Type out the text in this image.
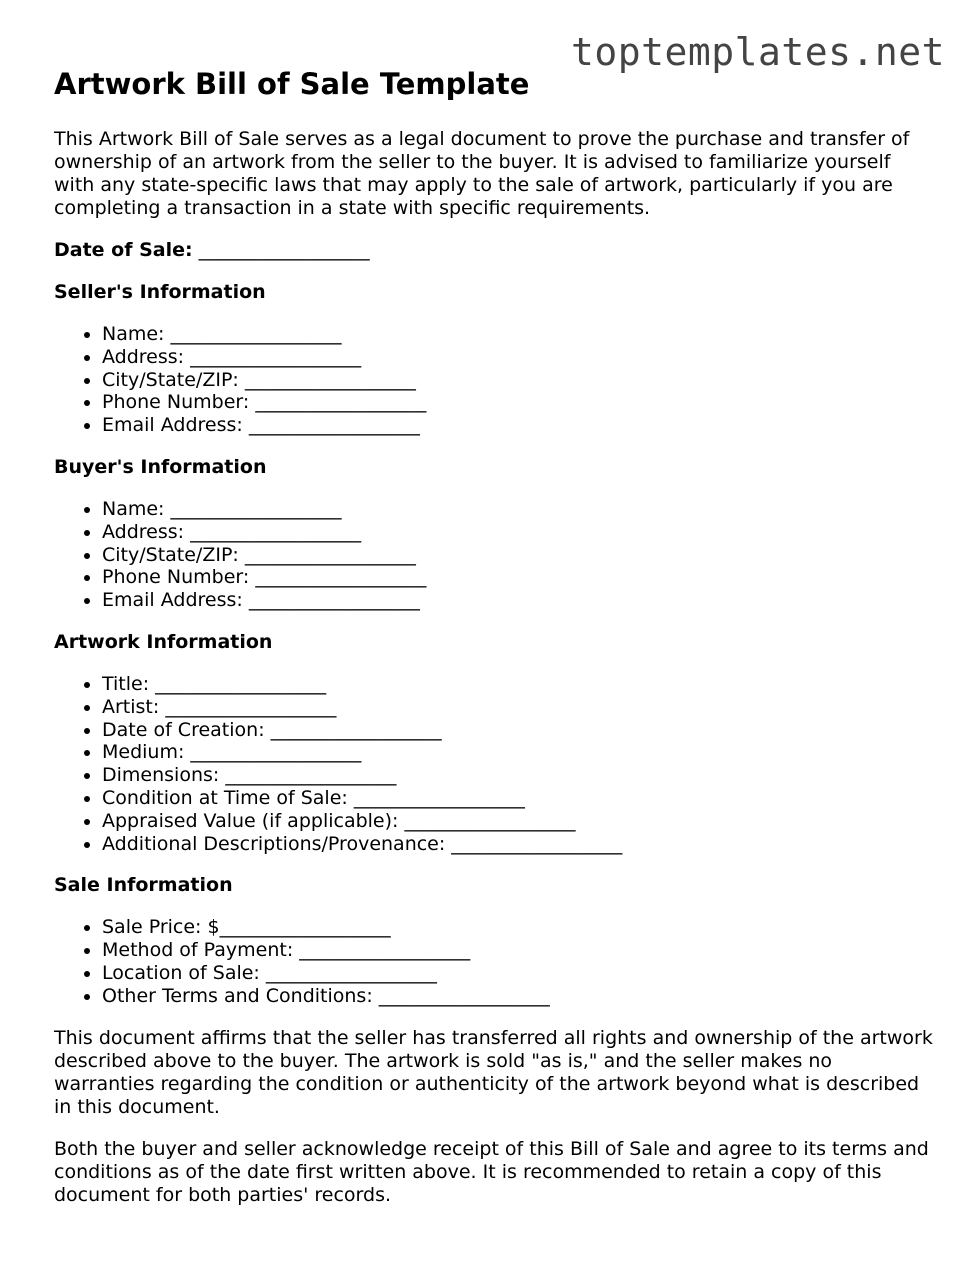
toptemplates.net
Artwork Bill of Sale Template

This Artwork Bill of Sale serves as a legal document to prove the purchase and transfer of ownership of an artwork from the seller to the buyer. It is advised to familiarize yourself with any state-specific laws that may apply to the sale of artwork, particularly if you are completing a transaction in a state with specific requirements.

Date of Sale: __________________
Seller's Information
• Name: __________________
• Address: __________________
• City/State/ZIP: __________________
• Phone Number: __________________
• Email Address: __________________
Buyer's Information
• Name: __________________
• Address: __________________
• City/State/ZIP: __________________
• Phone Number: __________________
• Email Address: __________________
Artwork Information
• Title: __________________
• Artist: __________________
• Date of Creation: __________________
• Medium: __________________
• Dimensions: __________________
• Condition at Time of Sale: __________________
• Appraised Value (if applicable): __________________
• Additional Descriptions/Provenance: __________________
Sale Information
• Sale Price: $__________________
• Method of Payment: __________________
• Location of Sale: __________________
• Other Terms and Conditions: __________________

This document affirms that the seller has transferred all rights and ownership of the artwork described above to the buyer. The artwork is sold "as is," and the seller makes no warranties regarding the condition or authenticity of the artwork beyond what is described in this document.

Both the buyer and seller acknowledge receipt of this Bill of Sale and agree to its terms and conditions as of the date first written above. It is recommended to retain a copy of this document for both parties' records.
